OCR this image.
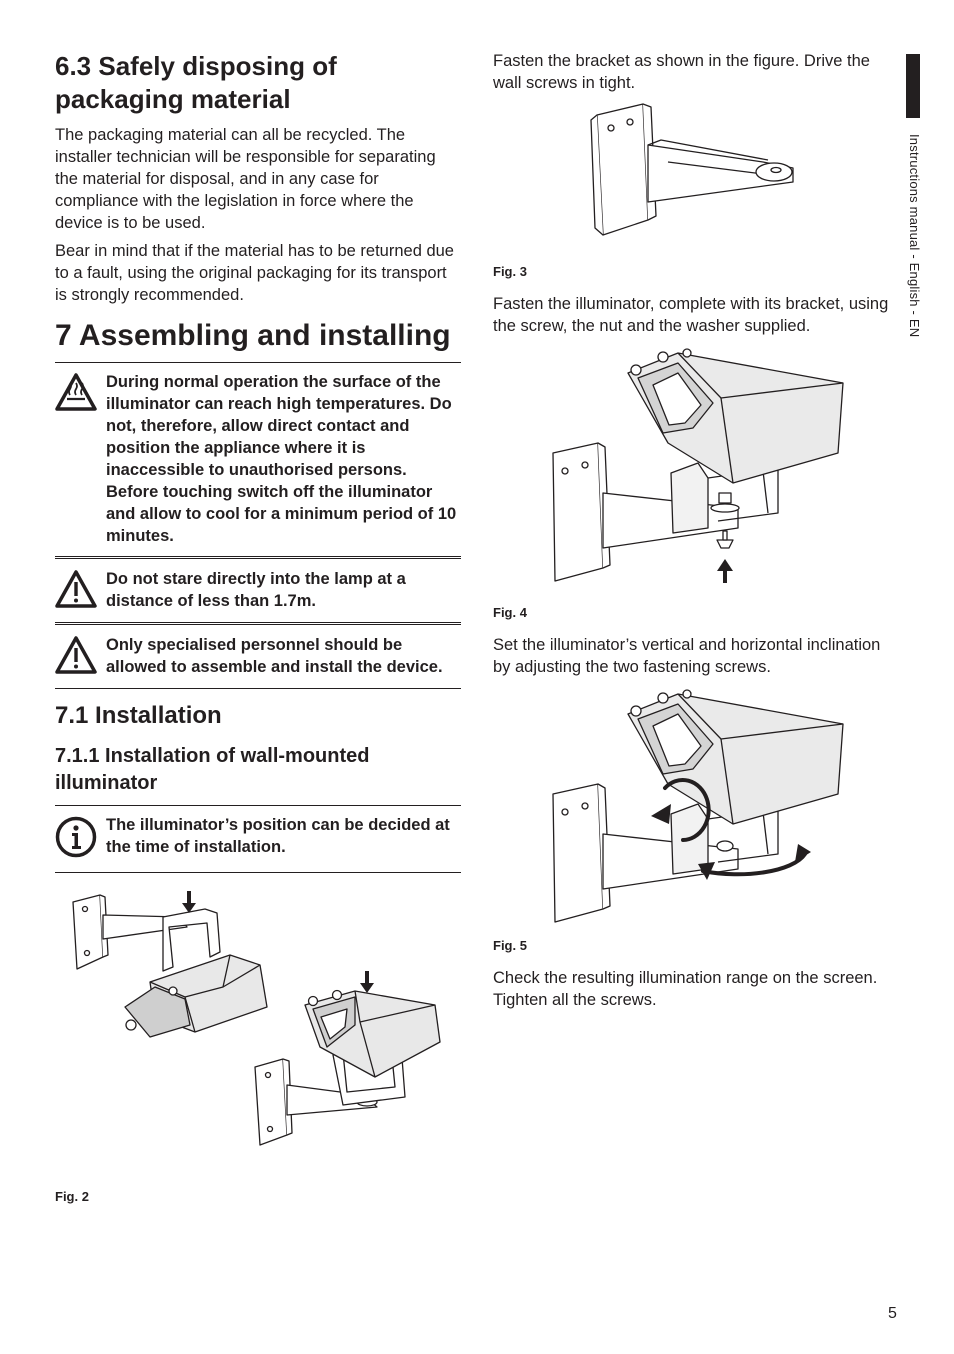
Instructions manual - English - EN
6.3 Safely disposing of packaging material

The packaging material can all be recycled. The installer technician will be responsible for separating the material for disposal, and in any case for compliance with the legislation in force where the device is to be used.

Bear in mind that if the material has to be returned due to a fault, using the original packaging for its transport is strongly recommended.

7 Assembling and installing
During normal operation the surface of the illuminator can reach high temperatures. Do not, therefore, allow direct contact and position the appliance where it is inaccessible to unauthorised persons. Before touching switch off the illuminator and allow to cool for a minimum period of 10 minutes.
Do not stare directly into the lamp at a distance of less than 1.7m.
Only specialised personnel should be allowed to assemble and install the device.
7.1 Installation
7.1.1 Installation of wall-mounted illuminator
The illuminator’s position can be decided at the time of installation.
Fig. 2

Fasten the bracket as shown in the figure. Drive the wall screws in tight.

Fig. 3

Fasten the illuminator, complete with its bracket, using the screw, the nut and the washer supplied.

Fig. 4

Set the illuminator’s vertical and horizontal inclination by adjusting the two fastening screws.

Fig. 5

Check the resulting illumination range on the screen. Tighten all the screws.

5
